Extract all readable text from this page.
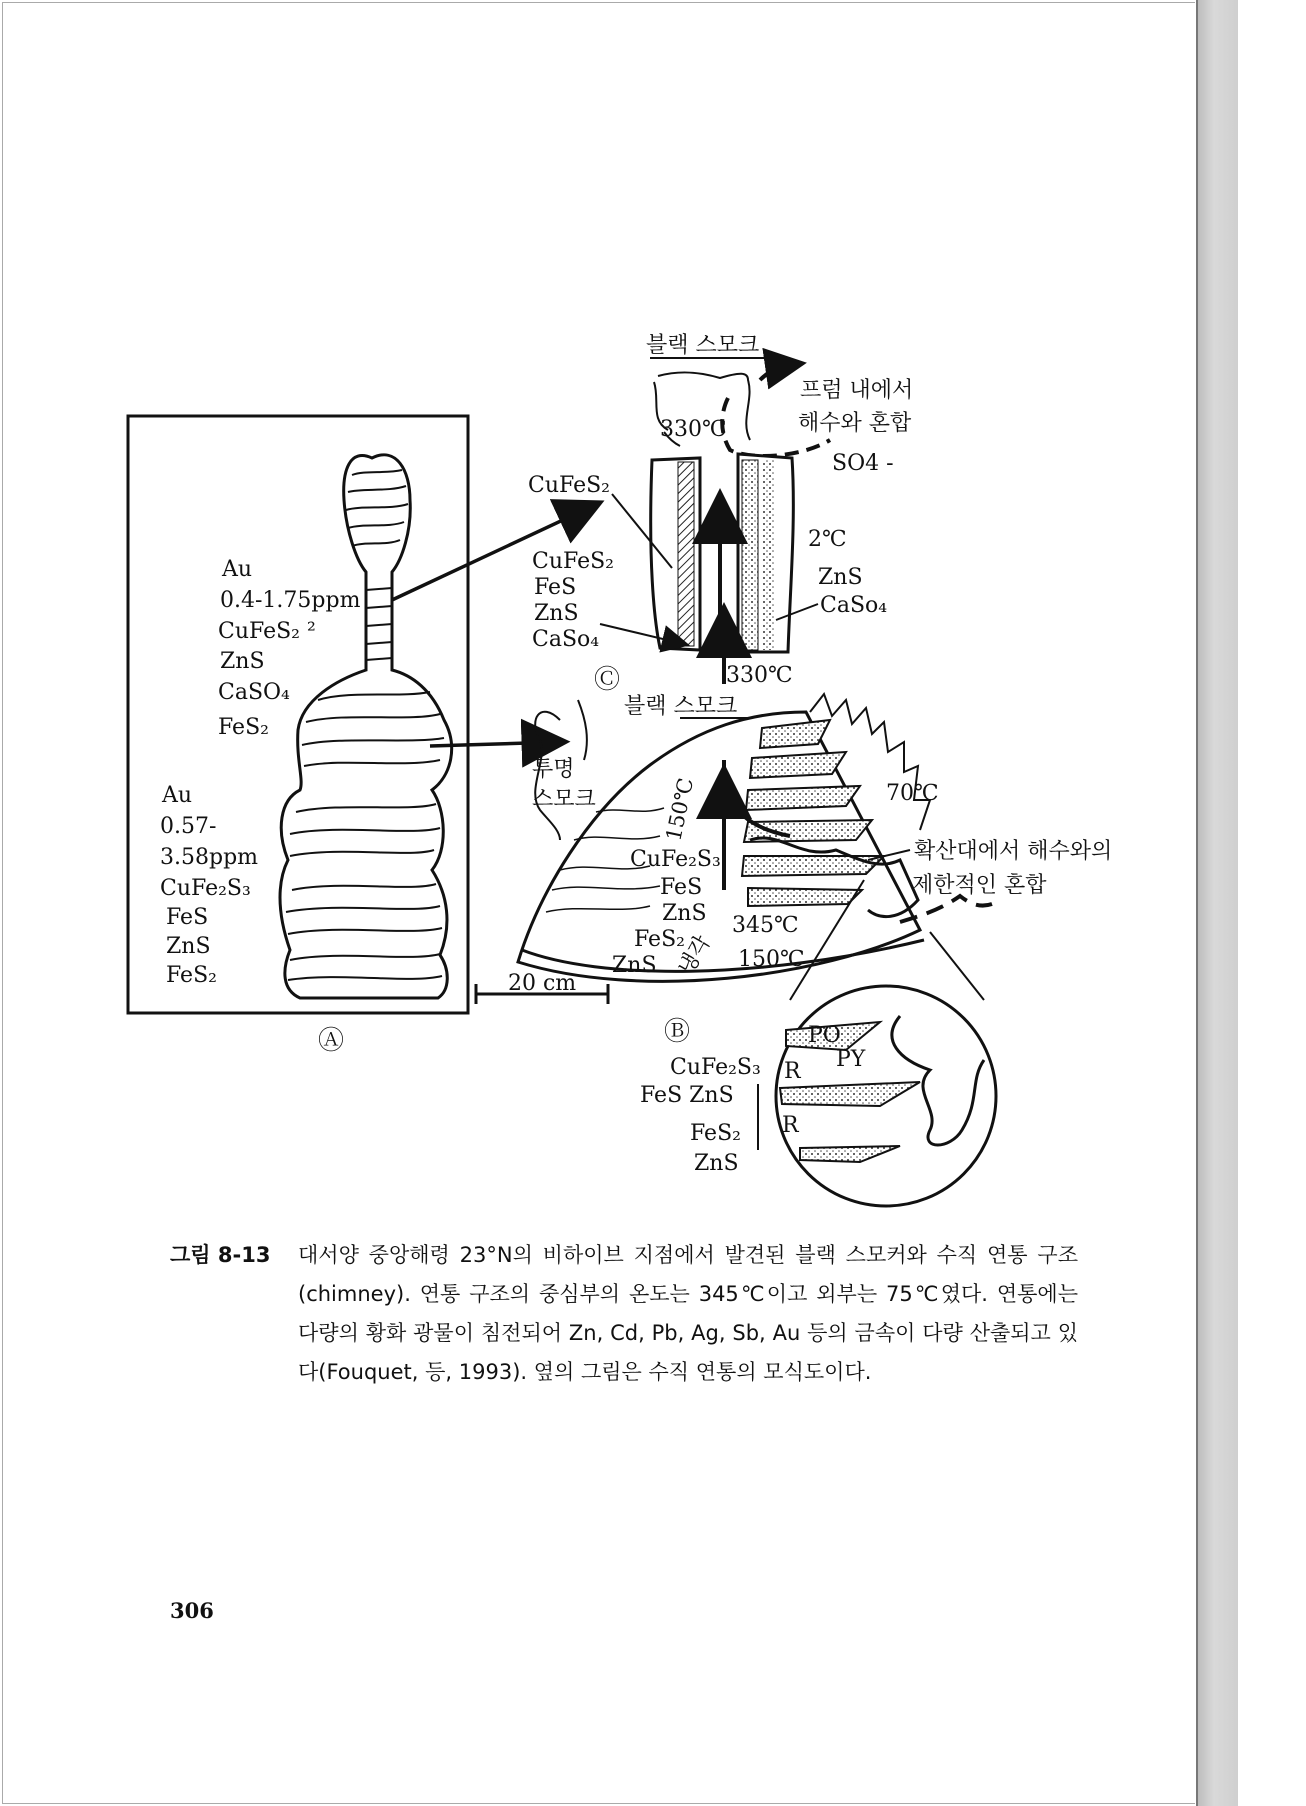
Au
0.4-1.75ppm
CuFeS₂ ²
ZnS
CaSO₄
FeS₂
Au
0.57-
3.58ppm
CuFe₂S₃
FeS
ZnS
FeS₂
Ⓐ
블랙 스모크
프럼 내에서
해수와 혼합
SO4 -
330℃
CuFeS₂
CuFeS₂
FeS
ZnS
CaSo₄
2℃
ZnS
CaSo₄
330℃
Ⓒ
블랙 스모크
투명
스모크	150℃	70℃
확산대에서 해수와의
제한적인 혼합
CuFe₂S₃
FeS
ZnS
FeS₂
ZnS
345℃
150℃
냉각
20 cm
Ⓑ
CuFe₂S₃
FeS ZnS
FeS₂
ZnS
PO
PY
R
R
그림 8-13 대서양 중앙해령 23°N의 비하이브 지점에서 발견된 블랙 스모커와 수직 연통 구조(chimney). 연통 구조의 중심부의 온도는 345℃이고 외부는 75℃였다. 연통에는 다량의 황화 광물이 침전되어 Zn, Cd, Pb, Ag, Sb, Au 등의 금속이 다량 산출되고 있다(Fouquet, 등, 1993). 옆의 그림은 수직 연통의 모식도이다.
306
